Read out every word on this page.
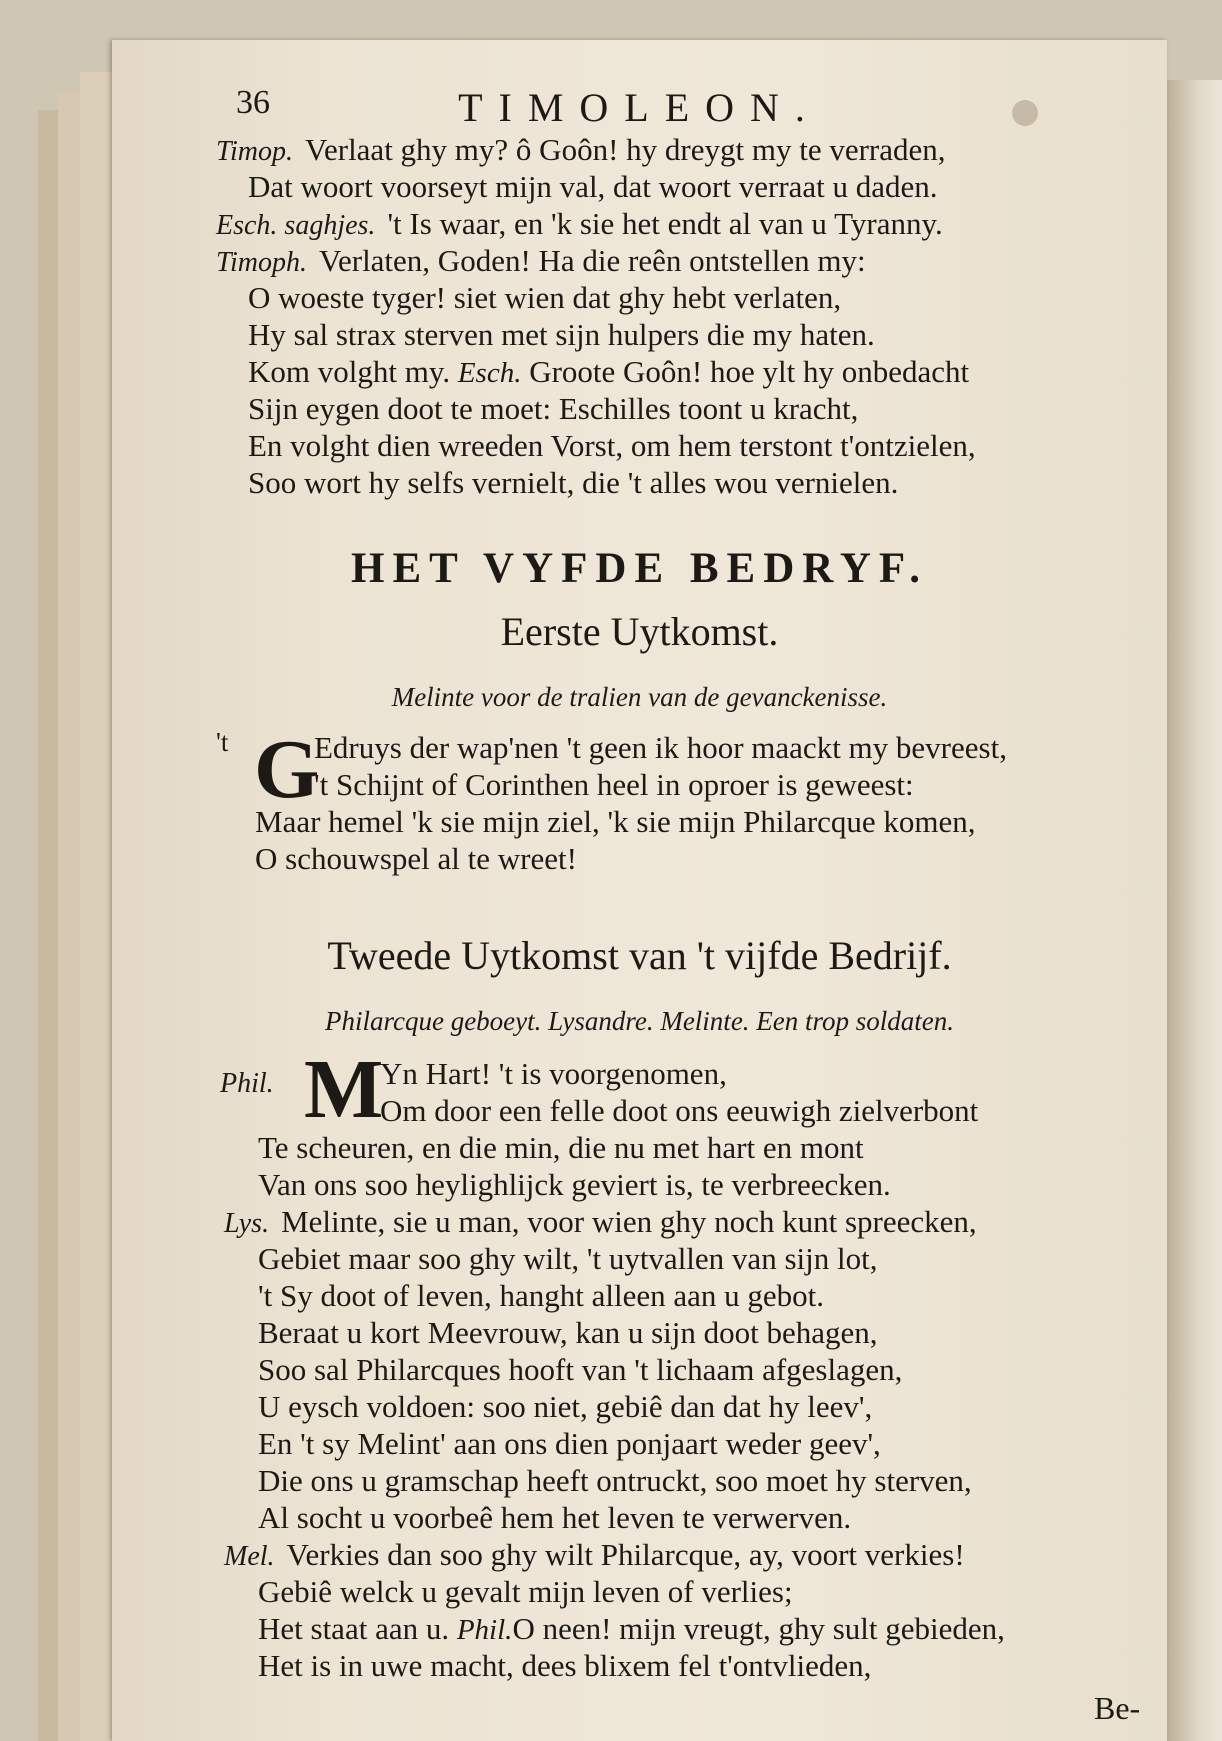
36	TIMOLEON.
Timop. Verlaat ghy my? ô Goôn! hy dreygt my te verraden,
Dat woort voorseyt mijn val, dat woort verraat u daden.
Esch. saghjes. 't Is waar, en 'k sie het endt al van u Tyranny.
Timoph. Verlaten, Goden! Ha die reên ontstellen my:
O woeste tyger! siet wien dat ghy hebt verlaten,
Hy sal strax sterven met sijn hulpers die my haten.
Kom volght my. Esch. Groote Goôn! hoe ylt hy onbedacht
Sijn eygen doot te moet: Eschilles toont u kracht,
En volght dien wreeden Vorst, om hem terstont t'ontzielen,
Soo wort hy selfs vernielt, die 't alles wou vernielen.
HET VYFDE BEDRYF.
Eerste Uytkomst.
Melinte voor de tralien van de gevanckenisse.
't G
Edruys der wap'nen 't geen ik hoor maackt my bevreest,
't Schijnt of Corinthen heel in oproer is geweest:
Maar hemel 'k sie mijn ziel, 'k sie mijn Philarcque komen,
O schouwspel al te wreet!
Tweede Uytkomst van 't vijfde Bedrijf.
Philarcque geboeyt. Lysandre. Melinte. Een trop soldaten.
Phil. M
Yn Hart! 't is voorgenomen,
Om door een felle doot ons eeuwigh zielverbont
Te scheuren, en die min, die nu met hart en mont
Van ons soo heylighlijck geviert is, te verbreecken.
Lys. Melinte, sie u man, voor wien ghy noch kunt spreecken,
Gebiet maar soo ghy wilt, 't uytvallen van sijn lot,
't Sy doot of leven, hanght alleen aan u gebot.
Beraat u kort Meevrouw, kan u sijn doot behagen,
Soo sal Philarcques hooft van 't lichaam afgeslagen,
U eysch voldoen: soo niet, gebiê dan dat hy leev',
En 't sy Melint' aan ons dien ponjaart weder geev',
Die ons u gramschap heeft ontruckt, soo moet hy sterven,
Al socht u voorbeê hem het leven te verwerven.
Mel. Verkies dan soo ghy wilt Philarcque, ay, voort verkies!
Gebiê welck u gevalt mijn leven of verlies;
Het staat aan u. Phil.O neen! mijn vreugt, ghy sult gebieden,
Het is in uwe macht, dees blixem fel t'ontvlieden,
Be-
